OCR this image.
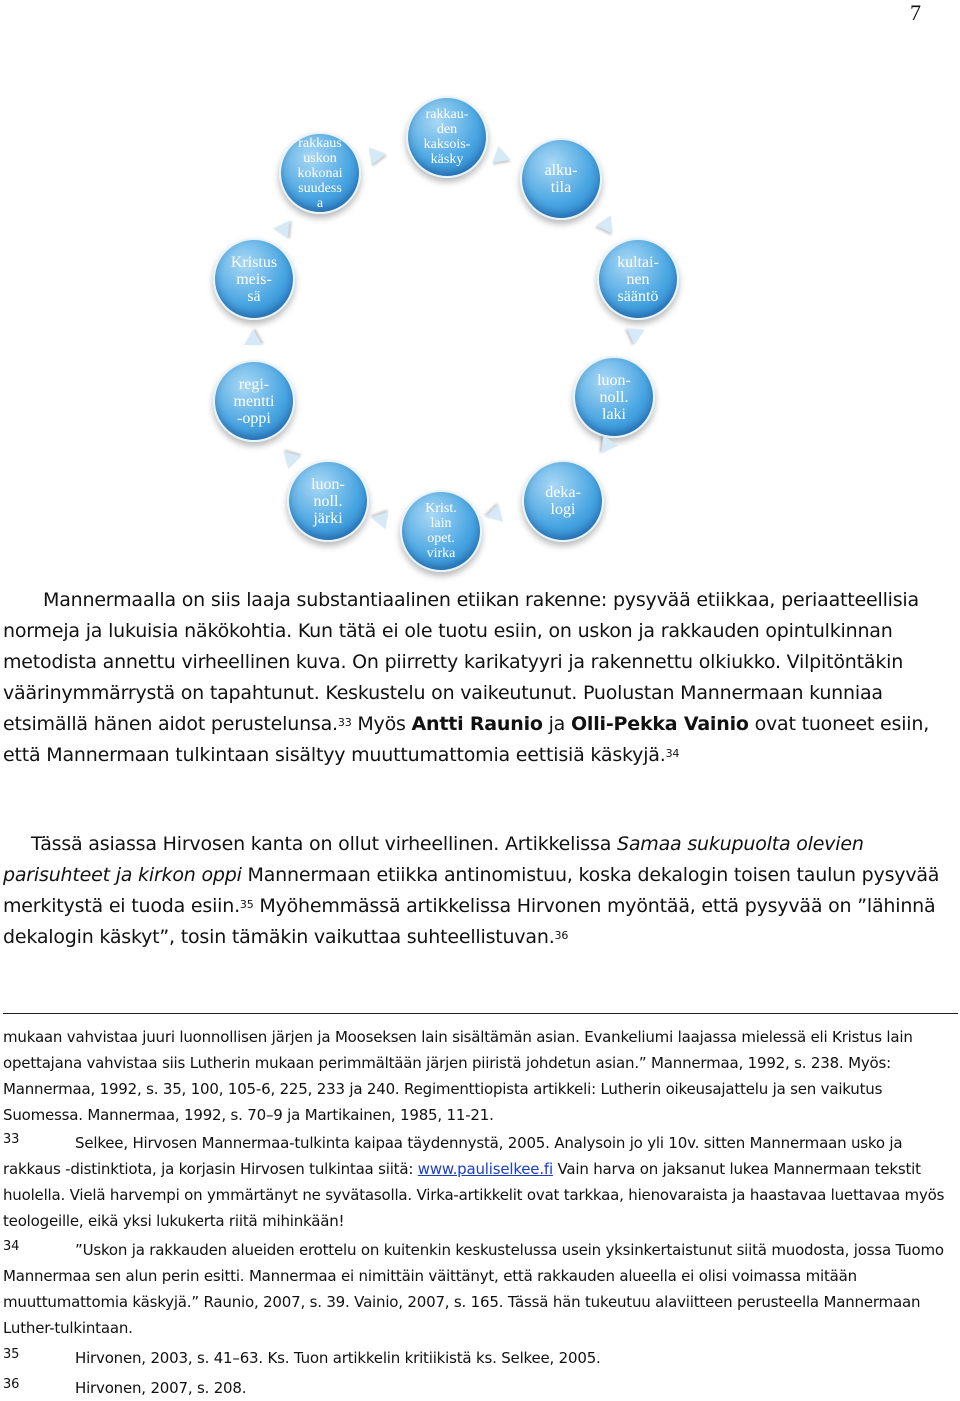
7
rakkau-
den
kaksois-
käsky
alku-
tila
kultai-
nen
sääntö
luon-
noll.
laki
deka-
logi
Krist.
lain
opet.
virka
luon-
noll.
järki
regi-
mentti
-oppi
Kristus
meis-
sä
rakkaus
uskon
kokonai
suudess
a

Mannermaalla on siis laaja substantiaalinen etiikan rakenne: pysyvää etiikkaa, periaatteellisia normeja ja lukuisia näkökohtia. Kun tätä ei ole tuotu esiin, on uskon ja rakkauden opintulkinnan metodista annettu virheellinen kuva. On piirretty karikatyyri ja rakennettu olkiukko. Vilpitöntäkin väärinymmärrystä on tapahtunut. Keskustelu on vaikeutunut. Puolustan Mannermaan kunniaa etsimällä hänen aidot perustelunsa.$^{33}$ Myös Antti Raunio ja Olli-Pekka Vainio ovat tuoneet esiin, että Mannermaan tulkintaan sisältyy muuttumattomia eettisiä käskyjä.$^{34}$

Tässä asiassa Hirvosen kanta on ollut virheellinen. Artikkelissa Samaa sukupuolta olevien parisuhteet ja kirkon oppi Mannermaan etiikka antinomistuu, koska dekalogin toisen taulun pysyvää merkitystä ei tuoda esiin.$^{35}$ Myöhemmässä artikkelissa Hirvonen myöntää, että pysyvää on ”lähinnä dekalogin käskyt”, tosin tämäkin vaikuttaa suhteellistuvan.$^{36}$

mukaan vahvistaa juuri luonnollisen järjen ja Mooseksen lain sisältämän asian. Evankeliumi laajassa mielessä eli Kristus lain opettajana vahvistaa siis Lutherin mukaan perimmältään järjen piiristä johdetun asian.” Mannermaa, 1992, s. 238. Myös: Mannermaa, 1992, s. 35, 100, 105-6, 225, 233 ja 240. Regimenttiopista artikkeli: Lutherin oikeusajattelu ja sen vaikutus Suomessa. Mannermaa, 1992, s. 70–9 ja Martikainen, 1985, 11-21.

33	Selkee, Hirvosen Mannermaa-tulkinta kaipaa täydennystä, 2005. Analysoin jo yli 10v. sitten Mannermaan usko ja rakkaus -distinktiota, ja korjasin Hirvosen tulkintaa siitä: www.pauliselkee.fi Vain harva on jaksanut lukea Mannermaan tekstit huolella. Vielä harvempi on ymmärtänyt ne syvätasolla. Virka-artikkelit ovat tarkkaa, hienovaraista ja haastavaa luettavaa myös teologeille, eikä yksi lukukerta riitä mihinkään!

34	”Uskon ja rakkauden alueiden erottelu on kuitenkin keskustelussa usein yksinkertaistunut siitä muodosta, jossa Tuomo Mannermaa sen alun perin esitti. Mannermaa ei nimittäin väittänyt, että rakkauden alueella ei olisi voimassa mitään muuttumattomia käskyjä.” Raunio, 2007, s. 39. Vainio, 2007, s. 165. Tässä hän tukeutuu alaviitteen perusteella Mannermaan Luther-tulkintaan.

35	Hirvonen, 2003, s. 41–63. Ks. Tuon artikkelin kritiikistä ks. Selkee, 2005.

36	Hirvonen, 2007, s. 208.
